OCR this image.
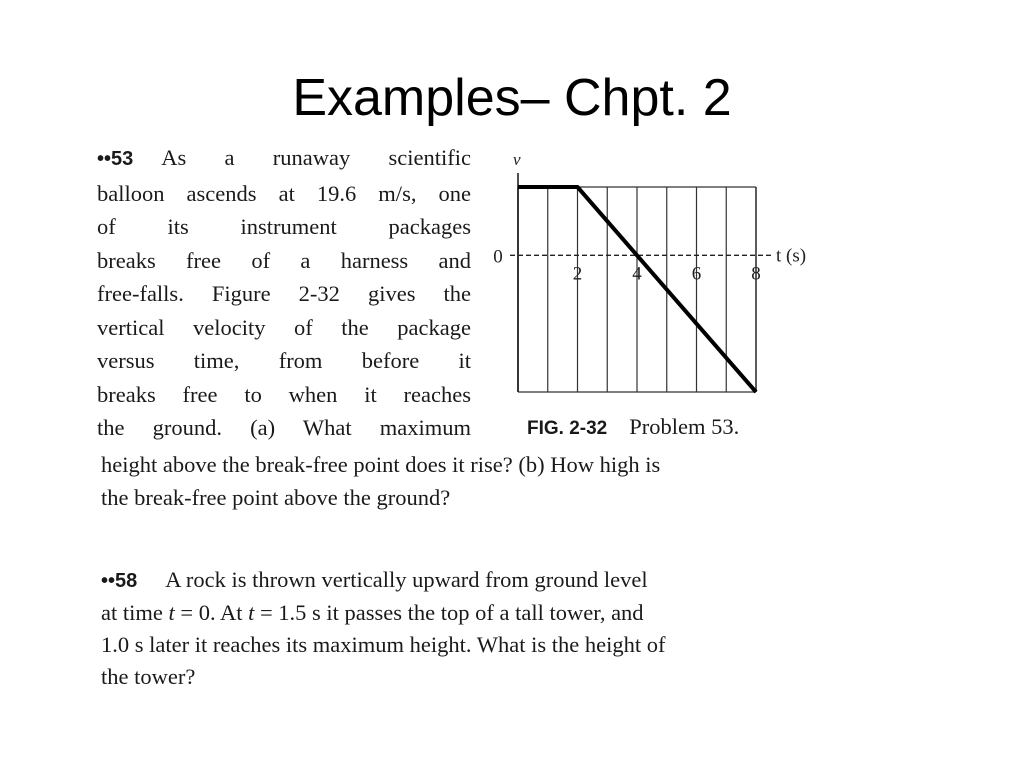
Examples– Chpt. 2
••53 As a runaway scientific
balloon ascends at 19.6 m/s, one
of its instrument packages
breaks free of a harness and
free-falls. Figure 2-32 gives the
vertical velocity of the package
versus time, from before it
breaks free to when it reaches
the ground. (a) What maximum
v
t (s)
0
2	4	6	8
FIG. 2-32 Problem 53.
height above the break-free point does it rise? (b) How high is
the break-free point above the ground?
••58 A rock is thrown vertically upward from ground level
at time t = 0. At t = 1.5 s it passes the top of a tall tower, and
1.0 s later it reaches its maximum height. What is the height of
the tower?
